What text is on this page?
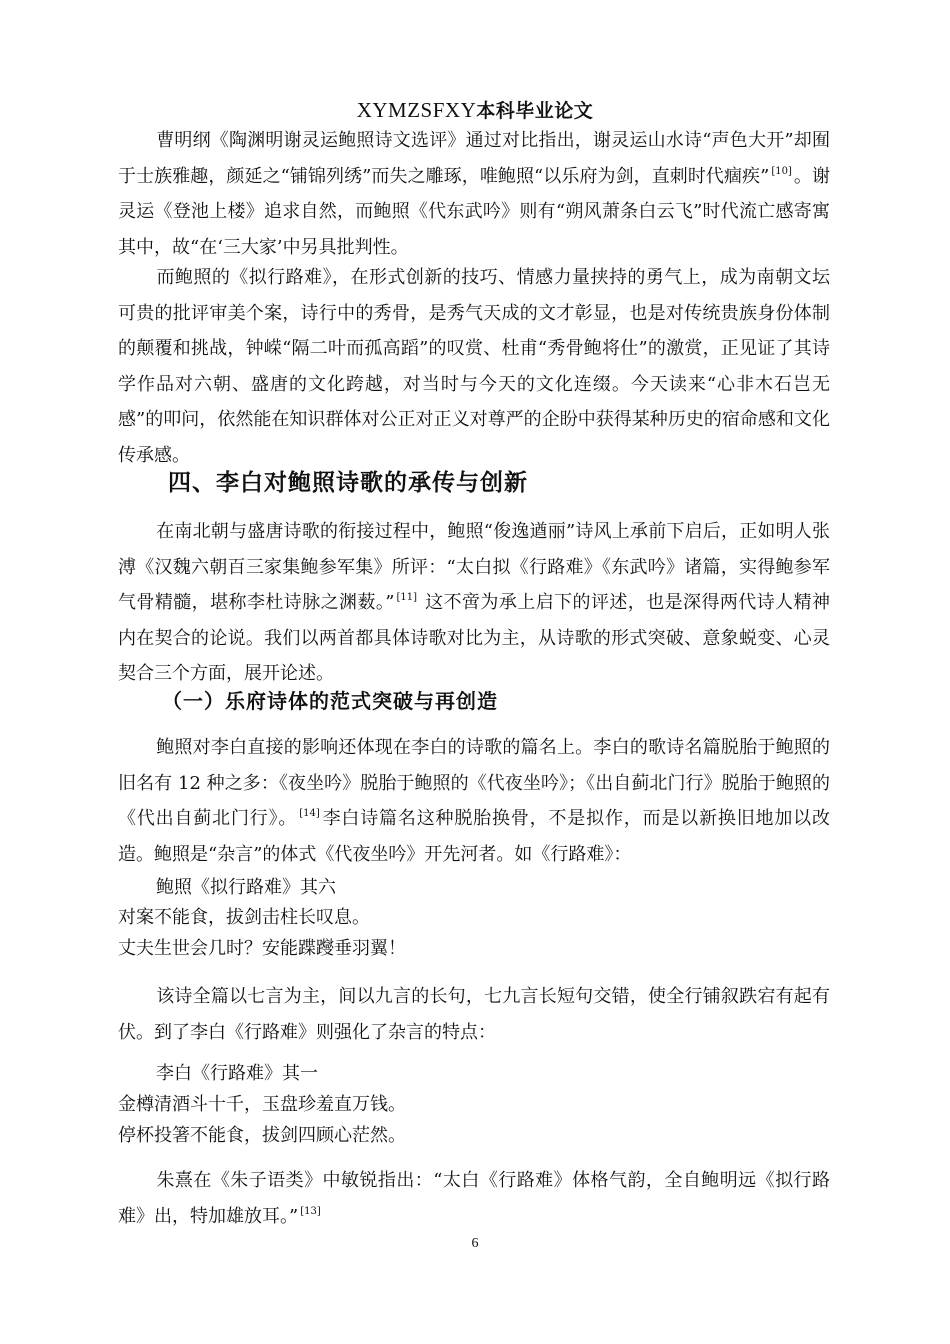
XYMZSFXY本科毕业论文

曹明纲《陶渊明谢灵运鲍照诗文选评》通过对比指出，谢灵运山水诗“声色大开”却囿于士族雅趣，颜延之“铺锦列绣”而失之雕琢，唯鲍照“以乐府为剑，直刺时代痼疾” [10] 。谢灵运《登池上楼》追求自然，而鲍照《代东武吟》则有“朔风萧条白云飞”时代流亡感寄寓其中，故“在‘三大家’中另具批判性。

而鲍照的《拟行路难》，在形式创新的技巧、情感力量挟持的勇气上，成为南朝文坛可贵的批评审美个案，诗行中的秀骨，是秀气天成的文才彰显，也是对传统贵族身份体制的颠覆和挑战，钟嵘“隔二叶而孤高蹈”的叹赏、杜甫“秀骨鲍将仕”的激赏，正见证了其诗学作品对六朝、盛唐的文化跨越，对当时与今天的文化连缀。今天读来“心非木石岂无感”的叩问，依然能在知识群体对公正对正义对尊严的企盼中获得某种历史的宿命感和文化传承感。

四、李白对鲍照诗歌的承传与创新

在南北朝与盛唐诗歌的衔接过程中，鲍照“俊逸遒丽”诗风上承前下启后，正如明人张溥《汉魏六朝百三家集鲍参军集》所评：“太白拟《行路难》《东武吟》诸篇，实得鲍参军气骨精髓，堪称李杜诗脉之渊薮。” [11] 这不啻为承上启下的评述，也是深得两代诗人精神内在契合的论说。我们以两首都具体诗歌对比为主，从诗歌的形式突破、意象蜕变、心灵契合三个方面，展开论述。

（一）乐府诗体的范式突破与再创造

鲍照对李白直接的影响还体现在李白的诗歌的篇名上。李白的歌诗名篇脱胎于鲍照的旧名有 12 种之多：《夜坐吟》脱胎于鲍照的《代夜坐吟》；《出自蓟北门行》脱胎于鲍照的《代出自蓟北门行》。 [14] 李白诗篇名这种脱胎换骨，不是拟作，而是以新换旧地加以改造。鲍照是“杂言”的体式《代夜坐吟》开先河者。如《行路难》：

鲍照《拟行路难》其六

对案不能食，拔剑击柱长叹息。

丈夫生世会几时？安能蹀躞垂羽翼！

该诗全篇以七言为主，间以九言的长句，七九言长短句交错，使全行铺叙跌宕有起有伏。到了李白《行路难》则强化了杂言的特点：

李白《行路难》其一

金樽清酒斗十千，玉盘珍羞直万钱。

停杯投箸不能食，拔剑四顾心茫然。

朱熹在《朱子语类》中敏锐指出：“太白《行路难》体格气韵，全自鲍明远《拟行路难》出，特加雄放耳。” [13]

6
